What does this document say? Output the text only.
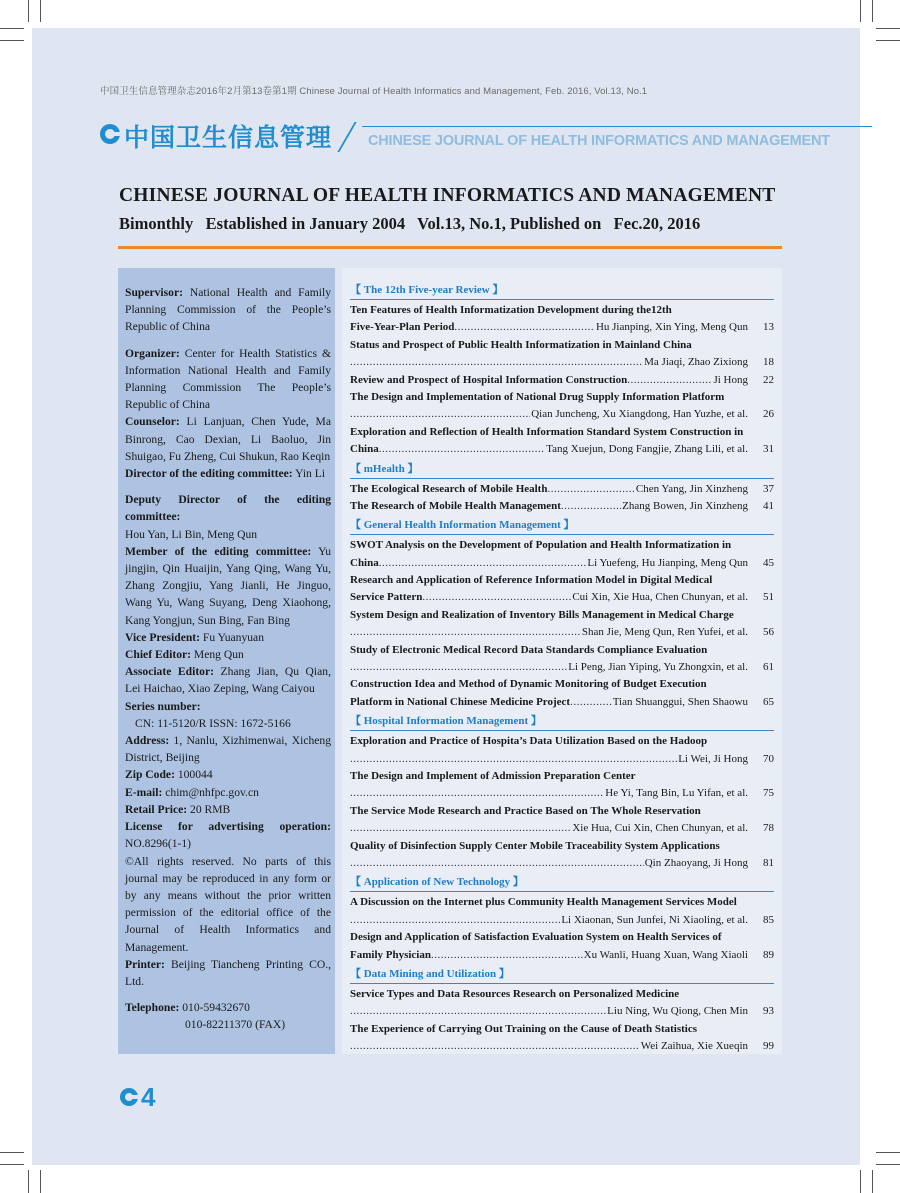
中国卫生信息管理杂志2016年2月第13卷第1期 Chinese Journal of Health Informatics and Management, Feb. 2016, Vol.13, No.1
中国卫生信息管理 CHINESE JOURNAL OF HEALTH INFORMATICS AND MANAGEMENT
CHINESE JOURNAL OF HEALTH INFORMATICS AND MANAGEMENT
Bimonthly   Established in January 2004   Vol.13, No.1, Published on   Fec.20, 2016
Supervisor: National Health and Family Planning Commission of the People’s Republic of China
Organizer: Center for Health Statistics & Information National Health and Family Planning Commission The People’s Republic of China
Counselor: Li Lanjuan, Chen Yude, Ma Binrong, Cao Dexian, Li Baoluo, Jin Shuigao, Fu Zheng, Cui Shukun, Rao Keqin
Director of the editing committee: Yin Li
Deputy Director of the editing committee:
Hou Yan, Li Bin, Meng Qun
Member of the editing committee: Yu jingjin, Qin Huaijin, Yang Qing, Wang Yu, Zhang Zongjiu, Yang Jianli, He Jinguo, Wang Yu, Wang Suyang, Deng Xiaohong, Kang Yongjun, Sun Bing, Fan Bing
Vice President: Fu Yuanyuan
Chief Editor: Meng Qun
Associate Editor: Zhang Jian, Qu Qian, Lei Haichao, Xiao Zeping, Wang Caiyou
Series number:
CN: 11-5120/R ISSN: 1672-5166
Address: 1, Nanlu, Xizhimenwai, Xicheng District, Beijing
Zip Code: 100044
E-mail: chim@nhfpc.gov.cn
Retail Price: 20 RMB
License for advertising operation: NO.8296(1-1)
©All rights reserved. No parts of this journal may be reproduced in any form or by any means without the prior written permission of the editorial office of the Journal of Health Informatics and Management.
Printer: Beijing Tiancheng Printing CO., Ltd.
Telephone: 010-59432670
010-82211370 (FAX)
【 The 12th Five-year Review 】
Ten Features of Health Informatization Development during the12th
Five-Year-Plan Period .....	Hu Jianping, Xin Ying, Meng Qun	13
Status and Prospect of Public Health Informatization in Mainland China
.....
Ma Jiaqi, Zhao Zixiong	18
Review and Prospect of Hospital Information Construction .....	Ji Hong	22
The Design and Implementation of National Drug Supply Information Platform
.....
Qian Juncheng, Xu Xiangdong, Han Yuzhe, et al.	26
Exploration and Reflection of Health Information Standard System Construction in
China .....	Tang Xuejun, Dong Fangjie, Zhang Lili, et al.	31
【 mHealth 】
The Ecological Research of Mobile Health .....	Chen Yang, Jin Xinzheng	37
The Research of Mobile Health Management .....	Zhang Bowen, Jin Xinzheng	41
【 General Health Information Management 】
SWOT Analysis on the Development of Population and Health Informatization in
China .....	Li Yuefeng, Hu Jianping, Meng Qun	45
Research and Application of Reference Information Model in Digital Medical
Service Pattern .....	Cui Xin, Xie Hua, Chen Chunyan, et al.	51
System Design and Realization of Inventory Bills Management in Medical Charge
.....
Shan Jie, Meng Qun, Ren Yufei, et al.	56
Study of Electronic Medical Record Data Standards Compliance Evaluation
.....
Li Peng, Jian Yiping, Yu Zhongxin, et al.	61
Construction Idea and Method of Dynamic Monitoring of Budget Execution
Platform in National Chinese Medicine Project .....	Tian Shuanggui, Shen Shaowu	65
【 Hospital Information Management 】
Exploration and Practice of Hospita’s Data Utilization Based on the Hadoop
.....
Li Wei, Ji Hong	70
The Design and Implement of Admission Preparation Center
.....
He Yi, Tang Bin, Lu Yifan, et al.	75
The Service Mode Research and Practice Based on The Whole Reservation
.....
Xie Hua, Cui Xin, Chen Chunyan, et al.	78
Quality of Disinfection Supply Center Mobile Traceability System Applications
.....
Qin Zhaoyang, Ji Hong	81
【 Application of New Technology 】
A Discussion on the Internet plus Community Health Management Services Model
.....
Li Xiaonan, Sun Junfei, Ni Xiaoling, et al.	85
Design and Application of Satisfaction Evaluation System on Health Services of
Family Physician .....	Xu Wanli, Huang Xuan, Wang Xiaoli	89
【 Data Mining and Utilization 】
Service Types and Data Resources Research on Personalized Medicine
.....
Liu Ning, Wu Qiong, Chen Min	93
The Experience of Carrying Out Training on the Cause of Death Statistics
.....
Wei Zaihua, Xie Xueqin	99
4
